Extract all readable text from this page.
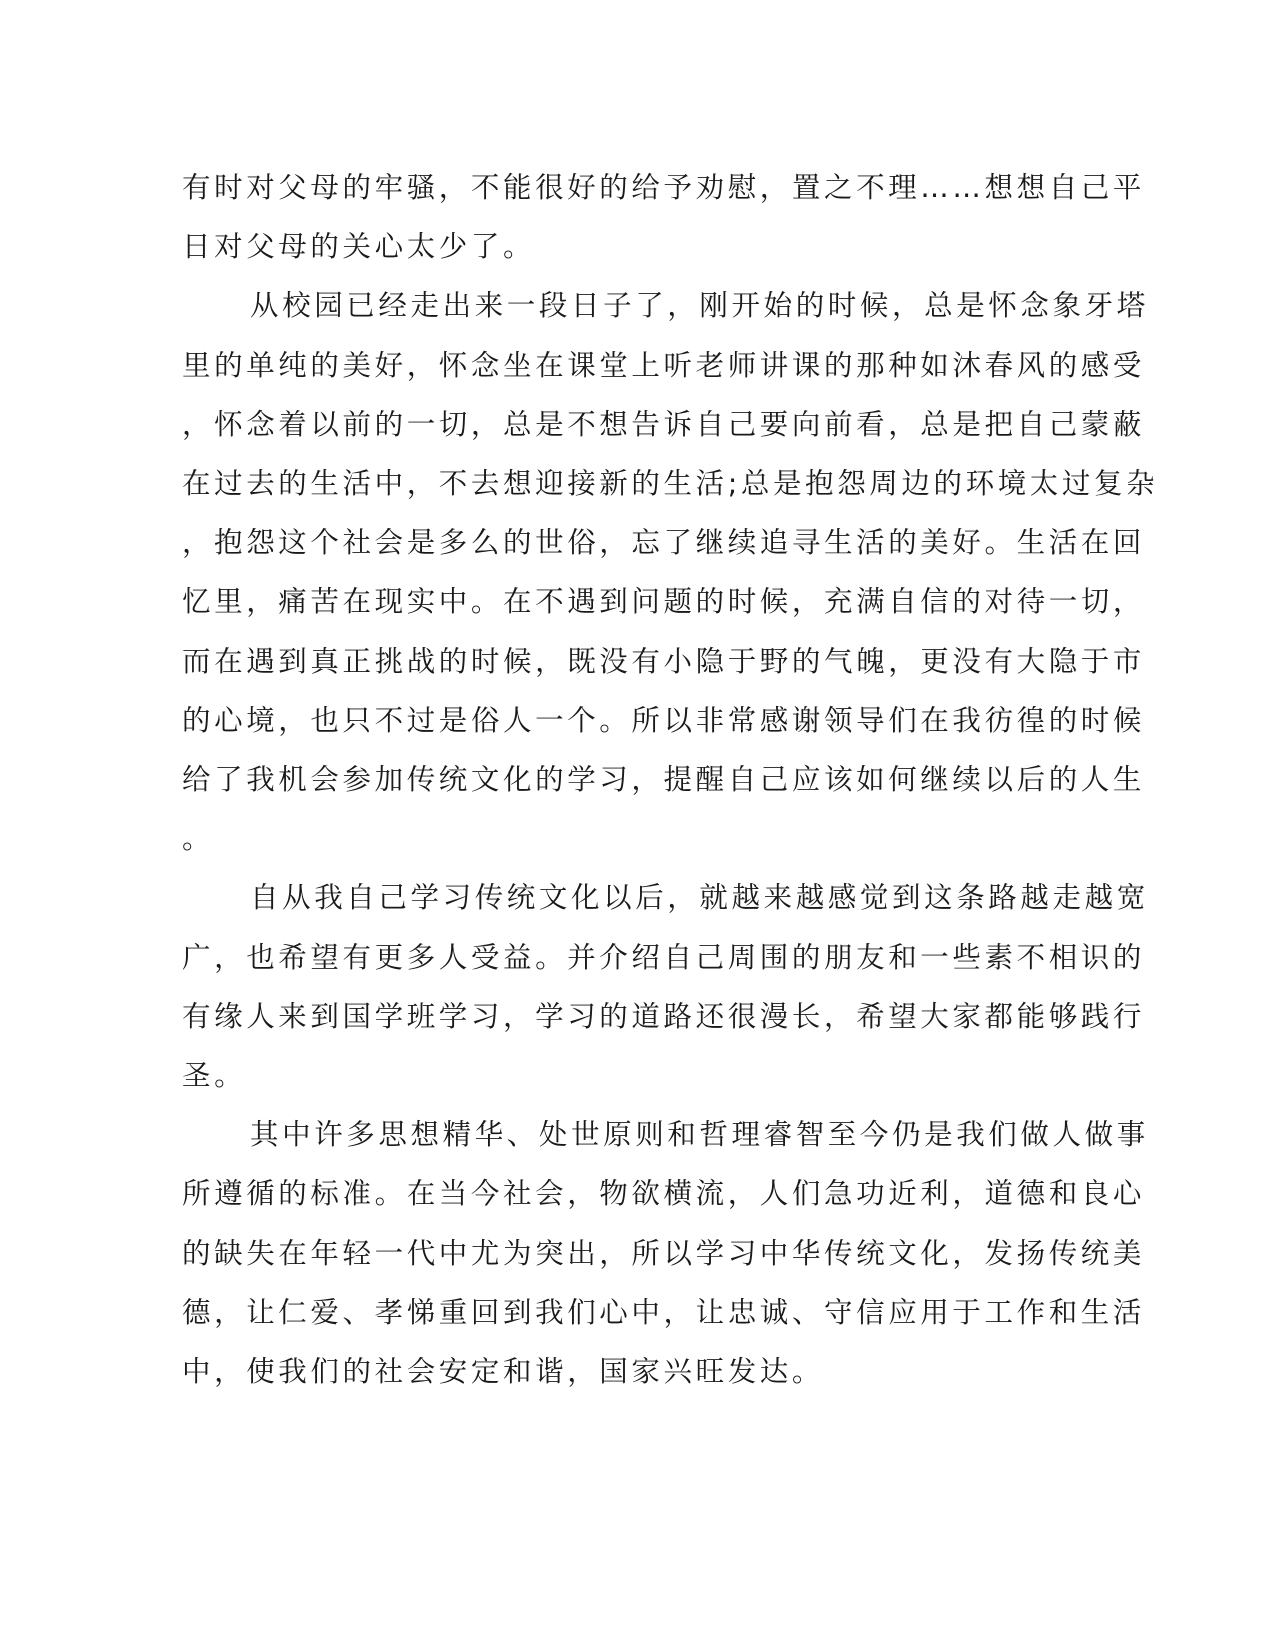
有时对父母的牢骚，不能很好的给予劝慰，置之不理……想想自己平
日对父母的关心太少了。

从校园已经走出来一段日子了，刚开始的时候，总是怀念象牙塔
里的单纯的美好，怀念坐在课堂上听老师讲课的那种如沐春风的感受
，怀念着以前的一切，总是不想告诉自己要向前看，总是把自己蒙蔽
在过去的生活中，不去想迎接新的生活;总是抱怨周边的环境太过复杂
，抱怨这个社会是多么的世俗，忘了继续追寻生活的美好。生活在回
忆里，痛苦在现实中。在不遇到问题的时候，充满自信的对待一切，
而在遇到真正挑战的时候，既没有小隐于野的气魄，更没有大隐于市
的心境，也只不过是俗人一个。所以非常感谢领导们在我彷徨的时候
给了我机会参加传统文化的学习，提醒自己应该如何继续以后的人生
。

自从我自己学习传统文化以后，就越来越感觉到这条路越走越宽
广，也希望有更多人受益。并介绍自己周围的朋友和一些素不相识的
有缘人来到国学班学习，学习的道路还很漫长，希望大家都能够践行
圣。

其中许多思想精华、处世原则和哲理睿智至今仍是我们做人做事
所遵循的标准。在当今社会，物欲横流，人们急功近利，道德和良心
的缺失在年轻一代中尤为突出，所以学习中华传统文化，发扬传统美
德，让仁爱、孝悌重回到我们心中，让忠诚、守信应用于工作和生活
中，使我们的社会安定和谐，国家兴旺发达。
